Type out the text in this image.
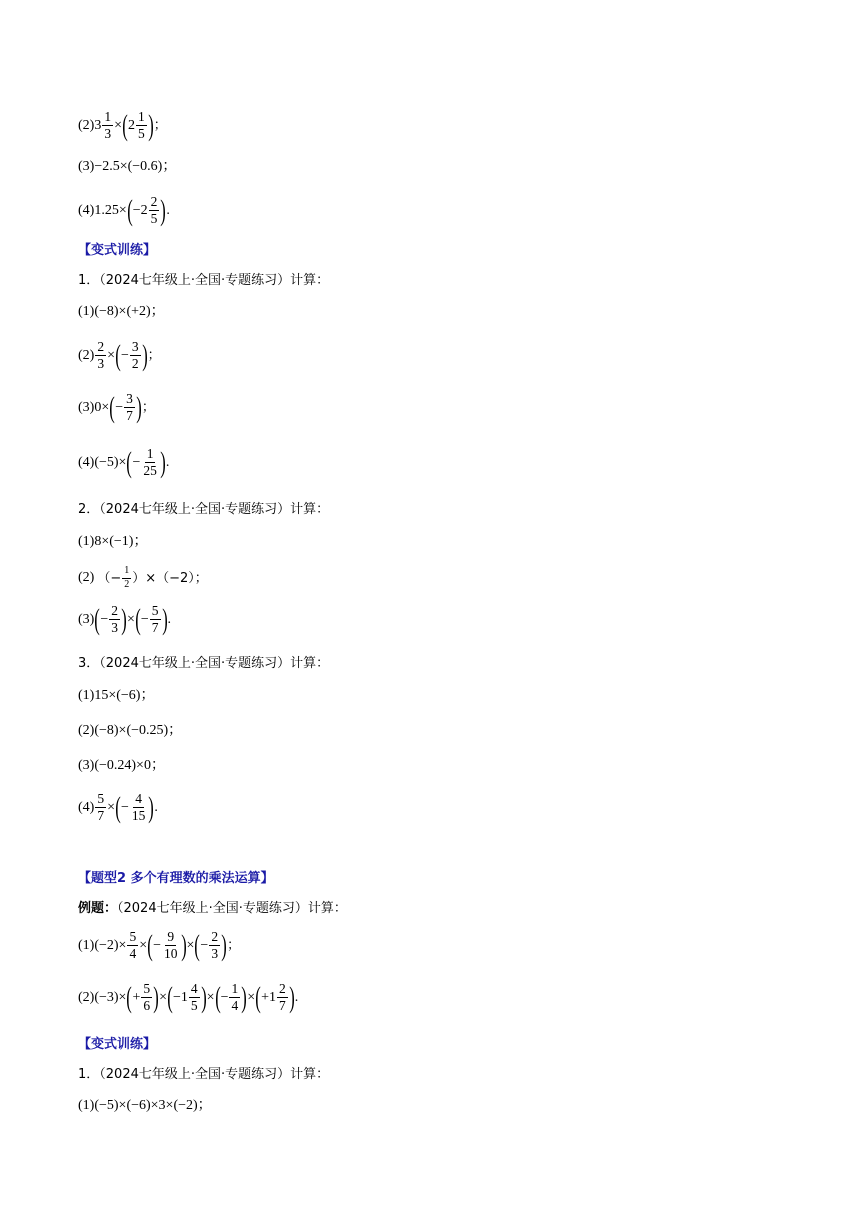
(2) $3 \frac{1}{3}$ × ( $2 \frac{1}{5}$ ) ；
(3)−2.5×(−0.6)；
(4) 1.25× ( $-2 \frac{2}{5}$ ) .
【变式训练】
1．（2024七年级上·全国·专题练习）计算：
(1)(−8)×(+2)；
$(2) \frac{2}{3}$ × ( − $\frac{3}{2}$ ) ；
(3) 0× ( − $\frac{3}{7}$ ) ；
(4) (−5)× ( − $\frac{1}{25}$ ) .
2．（2024七年级上·全国·专题练习）计算：
(1)8×(−1)；
(2) （− $\frac{1}{2} )\times(-2)$；
(3) ( − $\frac{2}{3}$ ) × ( − $\frac{5}{7}$ ) .
3．（2024七年级上·全国·专题练习）计算：
(1)15×(−6)；
(2)(−8)×(−0.25)；
(3)(−0.24)×0；
$(4) \frac{5}{7}$ × ( − $\frac{4}{15}$ ) .
【题型2 多个有理数的乘法运算】
例题：（2024七年级上·全国·专题练习）计算：
(1) $(-2)\times \frac{5}{4}$ × ( − $\frac{9}{10}$ ) × ( − $\frac{2}{3}$ ) ；
(2) (−3)× ( + $\frac{5}{6}$ ) × ( $-1 \frac{4}{5}$ ) × ( − $\frac{1}{4}$ ) × ( $+1 \frac{2}{7}$ ) .
【变式训练】
1．（2024七年级上·全国·专题练习）计算：
(1)(−5)×(−6)×3×(−2)；
